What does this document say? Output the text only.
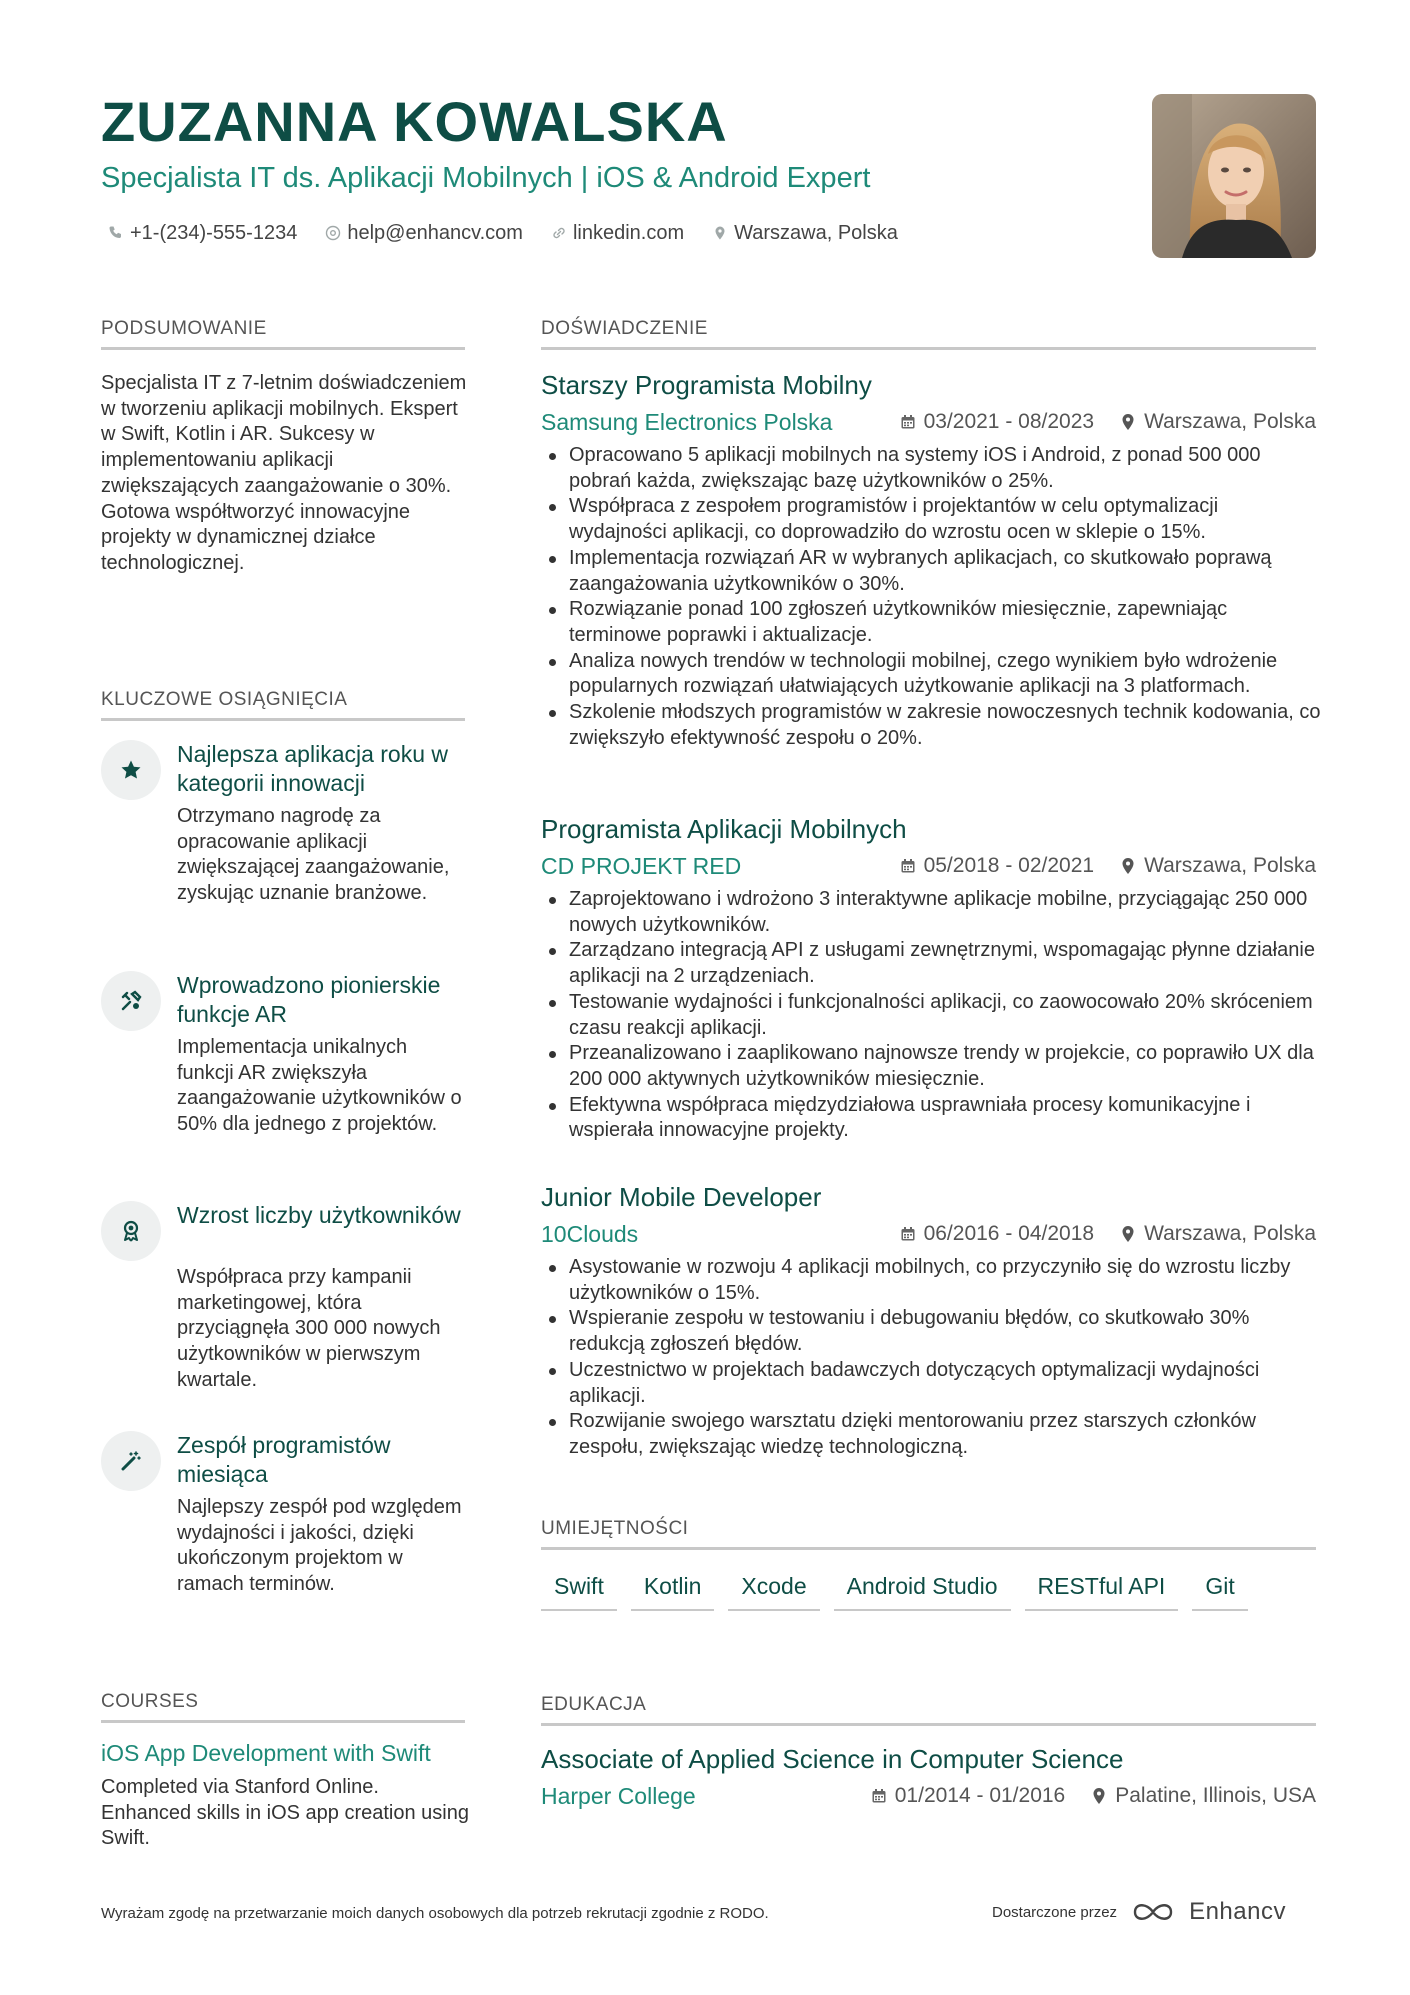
ZUZANNA KOWALSKA
Specjalista IT ds. Aplikacji Mobilnych | iOS & Android Expert
+1-(234)-555-1234	help@enhancv.com	linkedin.com	Warszawa, Polska
PODSUMOWANIE
Specjalista IT z 7-letnim doświadczeniem w tworzeniu aplikacji mobilnych. Ekspert w Swift, Kotlin i AR. Sukcesy w implementowaniu aplikacji zwiększających zaangażowanie o 30%. Gotowa współtworzyć innowacyjne projekty w dynamicznej działce technologicznej.
KLUCZOWE OSIĄGNIĘCIA
Najlepsza aplikacja roku w kategorii innowacji
Otrzymano nagrodę za opracowanie aplikacji zwiększającej zaangażowanie, zyskując uznanie branżowe.
Wprowadzono pionierskie funkcje AR
Implementacja unikalnych funkcji AR zwiększyła zaangażowanie użytkowników o 50% dla jednego z projektów.
Wzrost liczby użytkowników
Współpraca przy kampanii marketingowej, która przyciągnęła 300 000 nowych użytkowników w pierwszym kwartale.
Zespół programistów miesiąca
Najlepszy zespół pod względem wydajności i jakości, dzięki ukończonym projektom w ramach terminów.
COURSES
iOS App Development with Swift
Completed via Stanford Online. Enhanced skills in iOS app creation using Swift.
DOŚWIADCZENIE
Starszy Programista Mobilny
Samsung Electronics Polska	03/2021 - 08/2023 Warszawa, Polska
Opracowano 5 aplikacji mobilnych na systemy iOS i Android, z ponad 500 000 pobrań każda, zwiększając bazę użytkowników o 25%.
Współpraca z zespołem programistów i projektantów w celu optymalizacji wydajności aplikacji, co doprowadziło do wzrostu ocen w sklepie o 15%.
Implementacja rozwiązań AR w wybranych aplikacjach, co skutkowało poprawą zaangażowania użytkowników o 30%.
Rozwiązanie ponad 100 zgłoszeń użytkowników miesięcznie, zapewniając terminowe poprawki i aktualizacje.
Analiza nowych trendów w technologii mobilnej, czego wynikiem było wdrożenie popularnych rozwiązań ułatwiających użytkowanie aplikacji na 3 platformach.
Szkolenie młodszych programistów w zakresie nowoczesnych technik kodowania, co zwiększyło efektywność zespołu o 20%.
Programista Aplikacji Mobilnych
CD PROJEKT RED	05/2018 - 02/2021 Warszawa, Polska
Zaprojektowano i wdrożono 3 interaktywne aplikacje mobilne, przyciągając 250 000 nowych użytkowników.
Zarządzano integracją API z usługami zewnętrznymi, wspomagając płynne działanie aplikacji na 2 urządzeniach.
Testowanie wydajności i funkcjonalności aplikacji, co zaowocowało 20% skróceniem czasu reakcji aplikacji.
Przeanalizowano i zaaplikowano najnowsze trendy w projekcie, co poprawiło UX dla 200 000 aktywnych użytkowników miesięcznie.
Efektywna współpraca międzydziałowa usprawniała procesy komunikacyjne i wspierała innowacyjne projekty.
Junior Mobile Developer
10Clouds	06/2016 - 04/2018 Warszawa, Polska
Asystowanie w rozwoju 4 aplikacji mobilnych, co przyczyniło się do wzrostu liczby użytkowników o 15%.
Wspieranie zespołu w testowaniu i debugowaniu błędów, co skutkowało 30% redukcją zgłoszeń błędów.
Uczestnictwo w projektach badawczych dotyczących optymalizacji wydajności aplikacji.
Rozwijanie swojego warsztatu dzięki mentorowaniu przez starszych członków zespołu, zwiększając wiedzę technologiczną.
UMIEJĘTNOŚCI
Swift	Kotlin	Xcode	Android Studio	RESTful API	Git
EDUKACJA
Associate of Applied Science in Computer Science
Harper College	01/2014 - 01/2016 Palatine, Illinois, USA
Wyrażam zgodę na przetwarzanie moich danych osobowych dla potrzeb rekrutacji zgodnie z RODO.	Dostarczone przez	Enhancv
